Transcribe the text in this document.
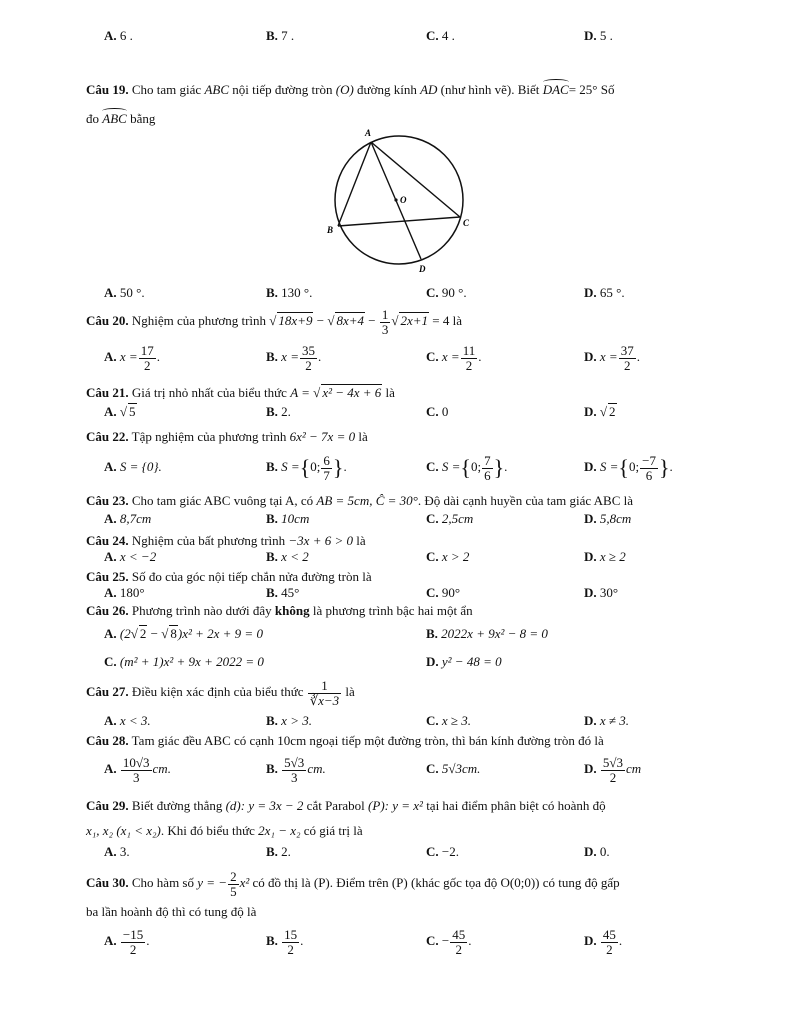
A. 6 .	B. 7 .	C. 4 .	D. 5 .
Câu 19. Cho tam giác ABC nội tiếp đường tròn (O) đường kính AD (như hình vẽ). Biết DAC= 25° Số
đo ABC bằng
A
O
B
C
D
A. 50 °.	B. 130 °.	C. 90 °.	D. 65 °.
Câu 20. Nghiệm của phương trình √ 18x+9 − √ $8x+4 - \frac{1}{3}$ √ 2x+1 = 4 là
A. $x = \frac{17}{2}$ .	B. $x = \frac{35}{2}$ .	C. $x = \frac{11}{2}$ .	D. $x = \frac{37}{2}$ .
Câu 21. Giá trị nhỏ nhất của biểu thức A = √ x² − 4x + 6 là
A. √ 5	B. 2.	C. 0	D. √ 2
Câu 22. Tập nghiệm của phương trình 6x² − 7x = 0 là
A. S = {0}.	B. S ={0; $\frac{6}{7}$ }.	C. S ={0; $\frac{7}{6}$ }.	D. S ={0; $\frac{-7}{6}$ }.
Câu 23. Cho tam giác ABC vuông tại A, có AB = 5cm, Ĉ = 30°. Độ dài cạnh huyền của tam giác ABC là
A. 8,7cm	B. 10cm	C. 2,5cm	D. 5,8cm
Câu 24. Nghiệm của bất phương trình −3x + 6 > 0 là
A. x < −2	B. x < 2	C. x > 2	D. x ≥ 2
Câu 25. Số đo của góc nội tiếp chắn nửa đường tròn là
A. 180°	B. 45°	C. 90°	D. 30°
Câu 26. Phương trình nào dưới đây không là phương trình bậc hai một ẩn
A. (2√ 2 − √ 8)x² + 2x + 9 = 0	B. 2022x + 9x² − 8 = 0
C. (m² + 1)x² + 9x + 2022 = 0	D. y² − 48 = 0
Câu 27. Điều kiện xác định của biểu thức $\frac{1}{∛x-3}$ là
A. x < 3.	B. x > 3.	C. x ≥ 3.	D. x ≠ 3.
Câu 28. Tam giác đều ABC có cạnh 10cm ngoại tiếp một đường tròn, thì bán kính đường tròn đó là
A. $\frac{10√3}{3}$ cm.	B. $\frac{5√3}{3}$ cm.	C. 5√3cm.	D. $\frac{5√3}{2}$ cm
Câu 29. Biết đường thẳng (d): y = 3x − 2 cắt Parabol (P): y = x² tại hai điểm phân biệt có hoành độ
x₁, x₂ (x₁ < x₂). Khi đó biểu thức 2x₁ − x₂ có giá trị là
A. 3.	B. 2.	C. −2.	D. 0.
Câu 30. Cho hàm số y = − $\frac{2}{5} x^2$ có đồ thị là (P). Điểm trên (P) (khác gốc tọa độ O(0;0)) có tung độ gấp
ba lần hoành độ thì có tung độ là
A. $\frac{-15}{2}$ .	B. $\frac{15}{2}$ .	C. − $\frac{45}{2}$ .	D. $\frac{45}{2}$ .
